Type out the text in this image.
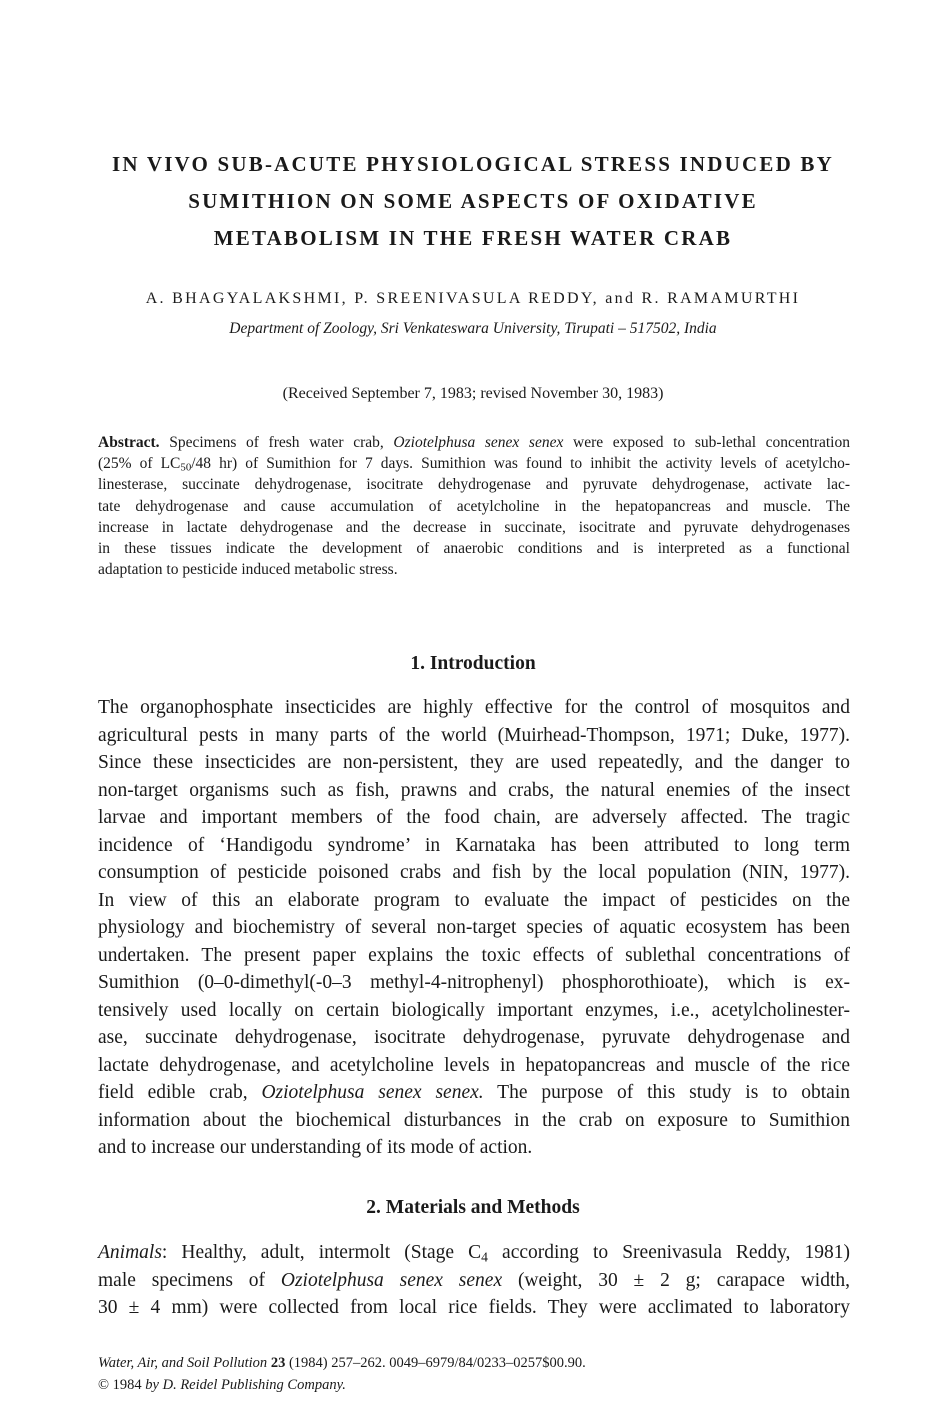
IN VIVO SUB-ACUTE PHYSIOLOGICAL STRESS INDUCED BY
SUMITHION ON SOME ASPECTS OF OXIDATIVE
METABOLISM IN THE FRESH WATER CRAB
A. BHAGYALAKSHMI, P. SREENIVASULA REDDY, and R. RAMAMURTHI
Department of Zoology, Sri Venkateswara University, Tirupati – 517502, India
(Received September 7, 1983; revised November 30, 1983)
Abstract. Specimens of fresh water crab, Oziotelphusa senex senex were exposed to sub-lethal concentration
(25% of $LC_{50}/48$ hr) of Sumithion for 7 days. Sumithion was found to inhibit the activity levels of acetylcho-
linesterase, succinate dehydrogenase, isocitrate dehydrogenase and pyruvate dehydrogenase, activate lac-
tate dehydrogenase and cause accumulation of acetylcholine in the hepatopancreas and muscle. The
increase in lactate dehydrogenase and the decrease in succinate, isocitrate and pyruvate dehydrogenases
in these tissues indicate the development of anaerobic conditions and is interpreted as a functional
adaptation to pesticide induced metabolic stress.
1. Introduction
The organophosphate insecticides are highly effective for the control of mosquitos and
agricultural pests in many parts of the world (Muirhead-Thompson, 1971; Duke, 1977).
Since these insecticides are non-persistent, they are used repeatedly, and the danger to
non-target organisms such as fish, prawns and crabs, the natural enemies of the insect
larvae and important members of the food chain, are adversely affected. The tragic
incidence of ‘Handigodu syndrome’ in Karnataka has been attributed to long term
consumption of pesticide poisoned crabs and fish by the local population (NIN, 1977).
In view of this an elaborate program to evaluate the impact of pesticides on the
physiology and biochemistry of several non-target species of aquatic ecosystem has been
undertaken. The present paper explains the toxic effects of sublethal concentrations of
Sumithion (0–0-dimethyl(-0–3 methyl-4-nitrophenyl) phosphorothioate), which is ex-
tensively used locally on certain biologically important enzymes, i.e., acetylcholinester-
ase, succinate dehydrogenase, isocitrate dehydrogenase, pyruvate dehydrogenase and
lactate dehydrogenase, and acetylcholine levels in hepatopancreas and muscle of the rice
field edible crab, Oziotelphusa senex senex. The purpose of this study is to obtain
information about the biochemical disturbances in the crab on exposure to Sumithion
and to increase our understanding of its mode of action.
2. Materials and Methods
Animals: Healthy, adult, intermolt (Stage $C_4$ according to Sreenivasula Reddy, 1981)
male specimens of Oziotelphusa senex senex (weight, 30 ± 2 g; carapace width,
30 ± 4 mm) were collected from local rice fields. They were acclimated to laboratory
Water, Air, and Soil Pollution 23 (1984) 257–262. 0049–6979/84/0233–0257$00.90.
© 1984 by D. Reidel Publishing Company.
